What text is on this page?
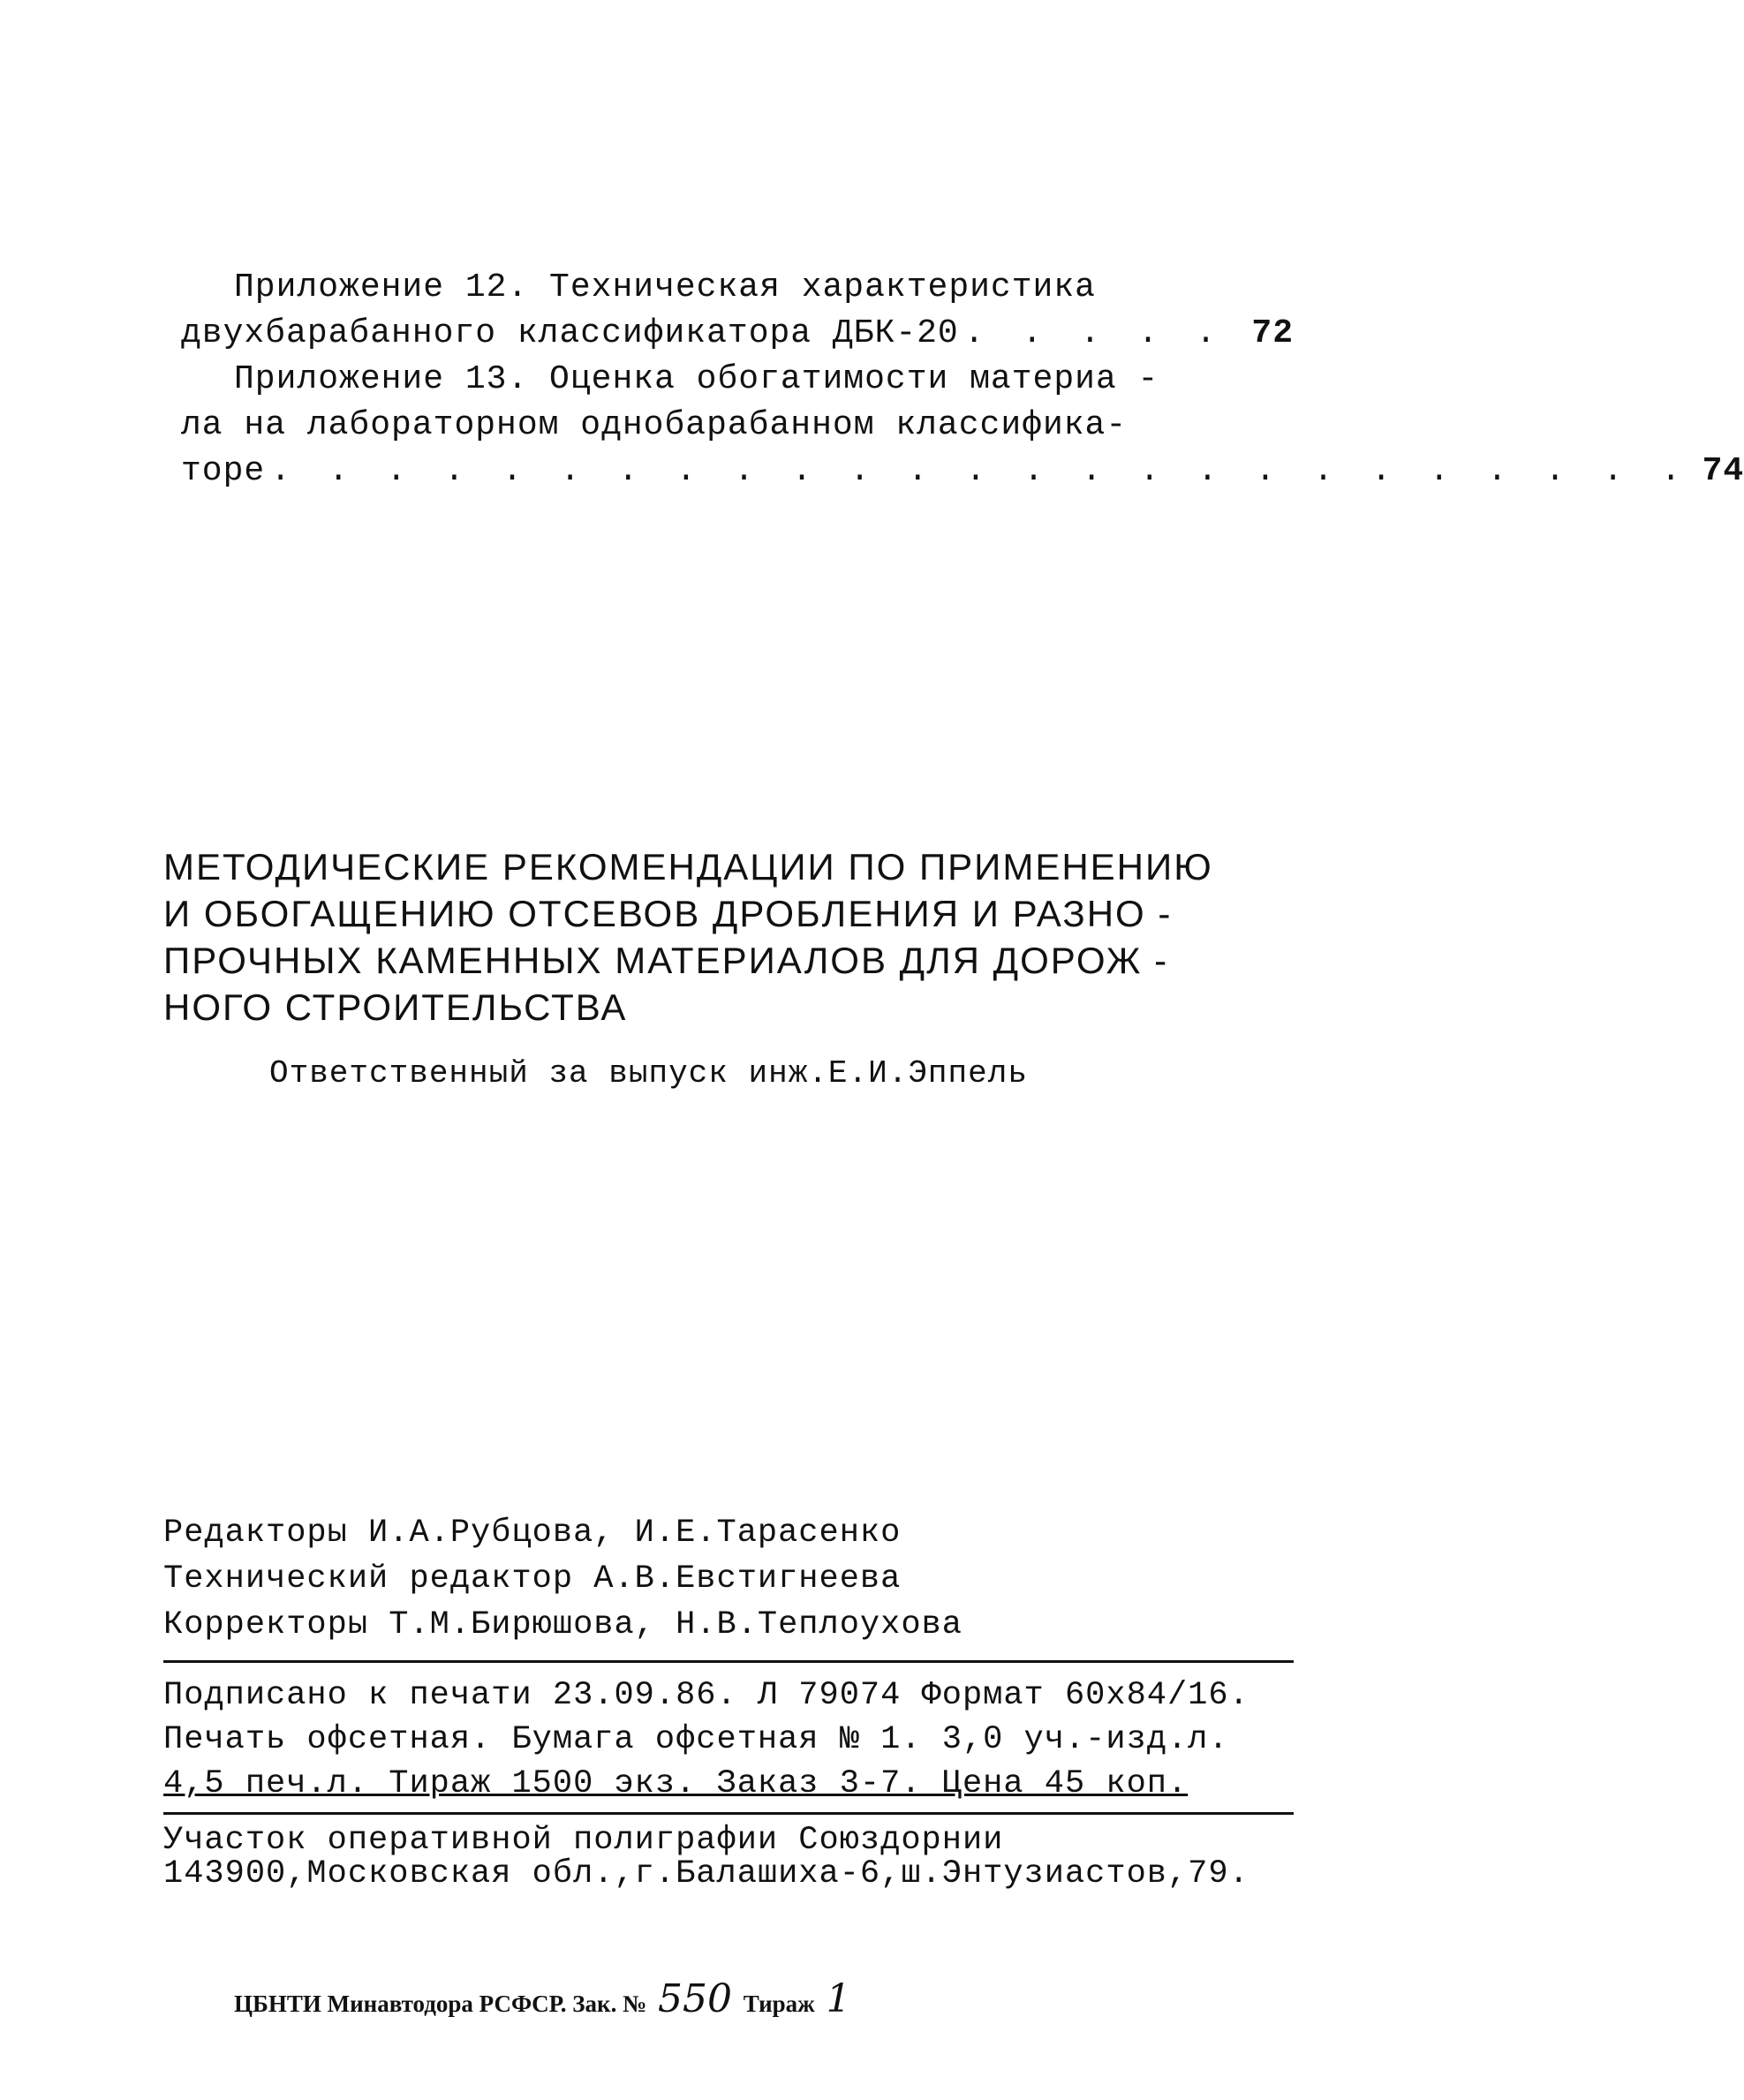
Приложение 12. Техническая характеристика
двухбарабанного классификатора ДБК-20 . . . . . 72
Приложение 13. Оценка обогатимости материа -
ла на лабораторном однобарабанном классифика-
торе . . . . . . . . . . . . . . . . . . . . . . . . . 74
МЕТОДИЧЕСКИЕ РЕКОМЕНДАЦИИ ПО ПРИМЕНЕНИЮ
И ОБОГАЩЕНИЮ ОТСЕВОВ ДРОБЛЕНИЯ И РАЗНО -
ПРОЧНЫХ КАМЕННЫХ МАТЕРИАЛОВ ДЛЯ ДОРОЖ -
НОГО СТРОИТЕЛЬСТВА
Ответственный за выпуск инж.Е.И.Эппель
Редакторы И.А.Рубцова, И.Е.Тарасенко
Технический редактор А.В.Евстигнеева
Корректоры Т.М.Бирюшова, Н.В.Теплоухова
Подписано к печати 23.09.86. Л 79074 Формат 60х84/16.
Печать офсетная. Бумага офсетная № 1. 3,0 уч.-изд.л.
4,5 печ.л. Тираж 1500 экз. Заказ 3-7. Цена 45 коп.
Участок оперативной полиграфии Союздорнии
143900,Московская обл.,г.Балашиха-6,ш.Энтузиастов,79.
ЦБНТИ Минавтодора РСФСР. Зак. № 550 Тираж 1
